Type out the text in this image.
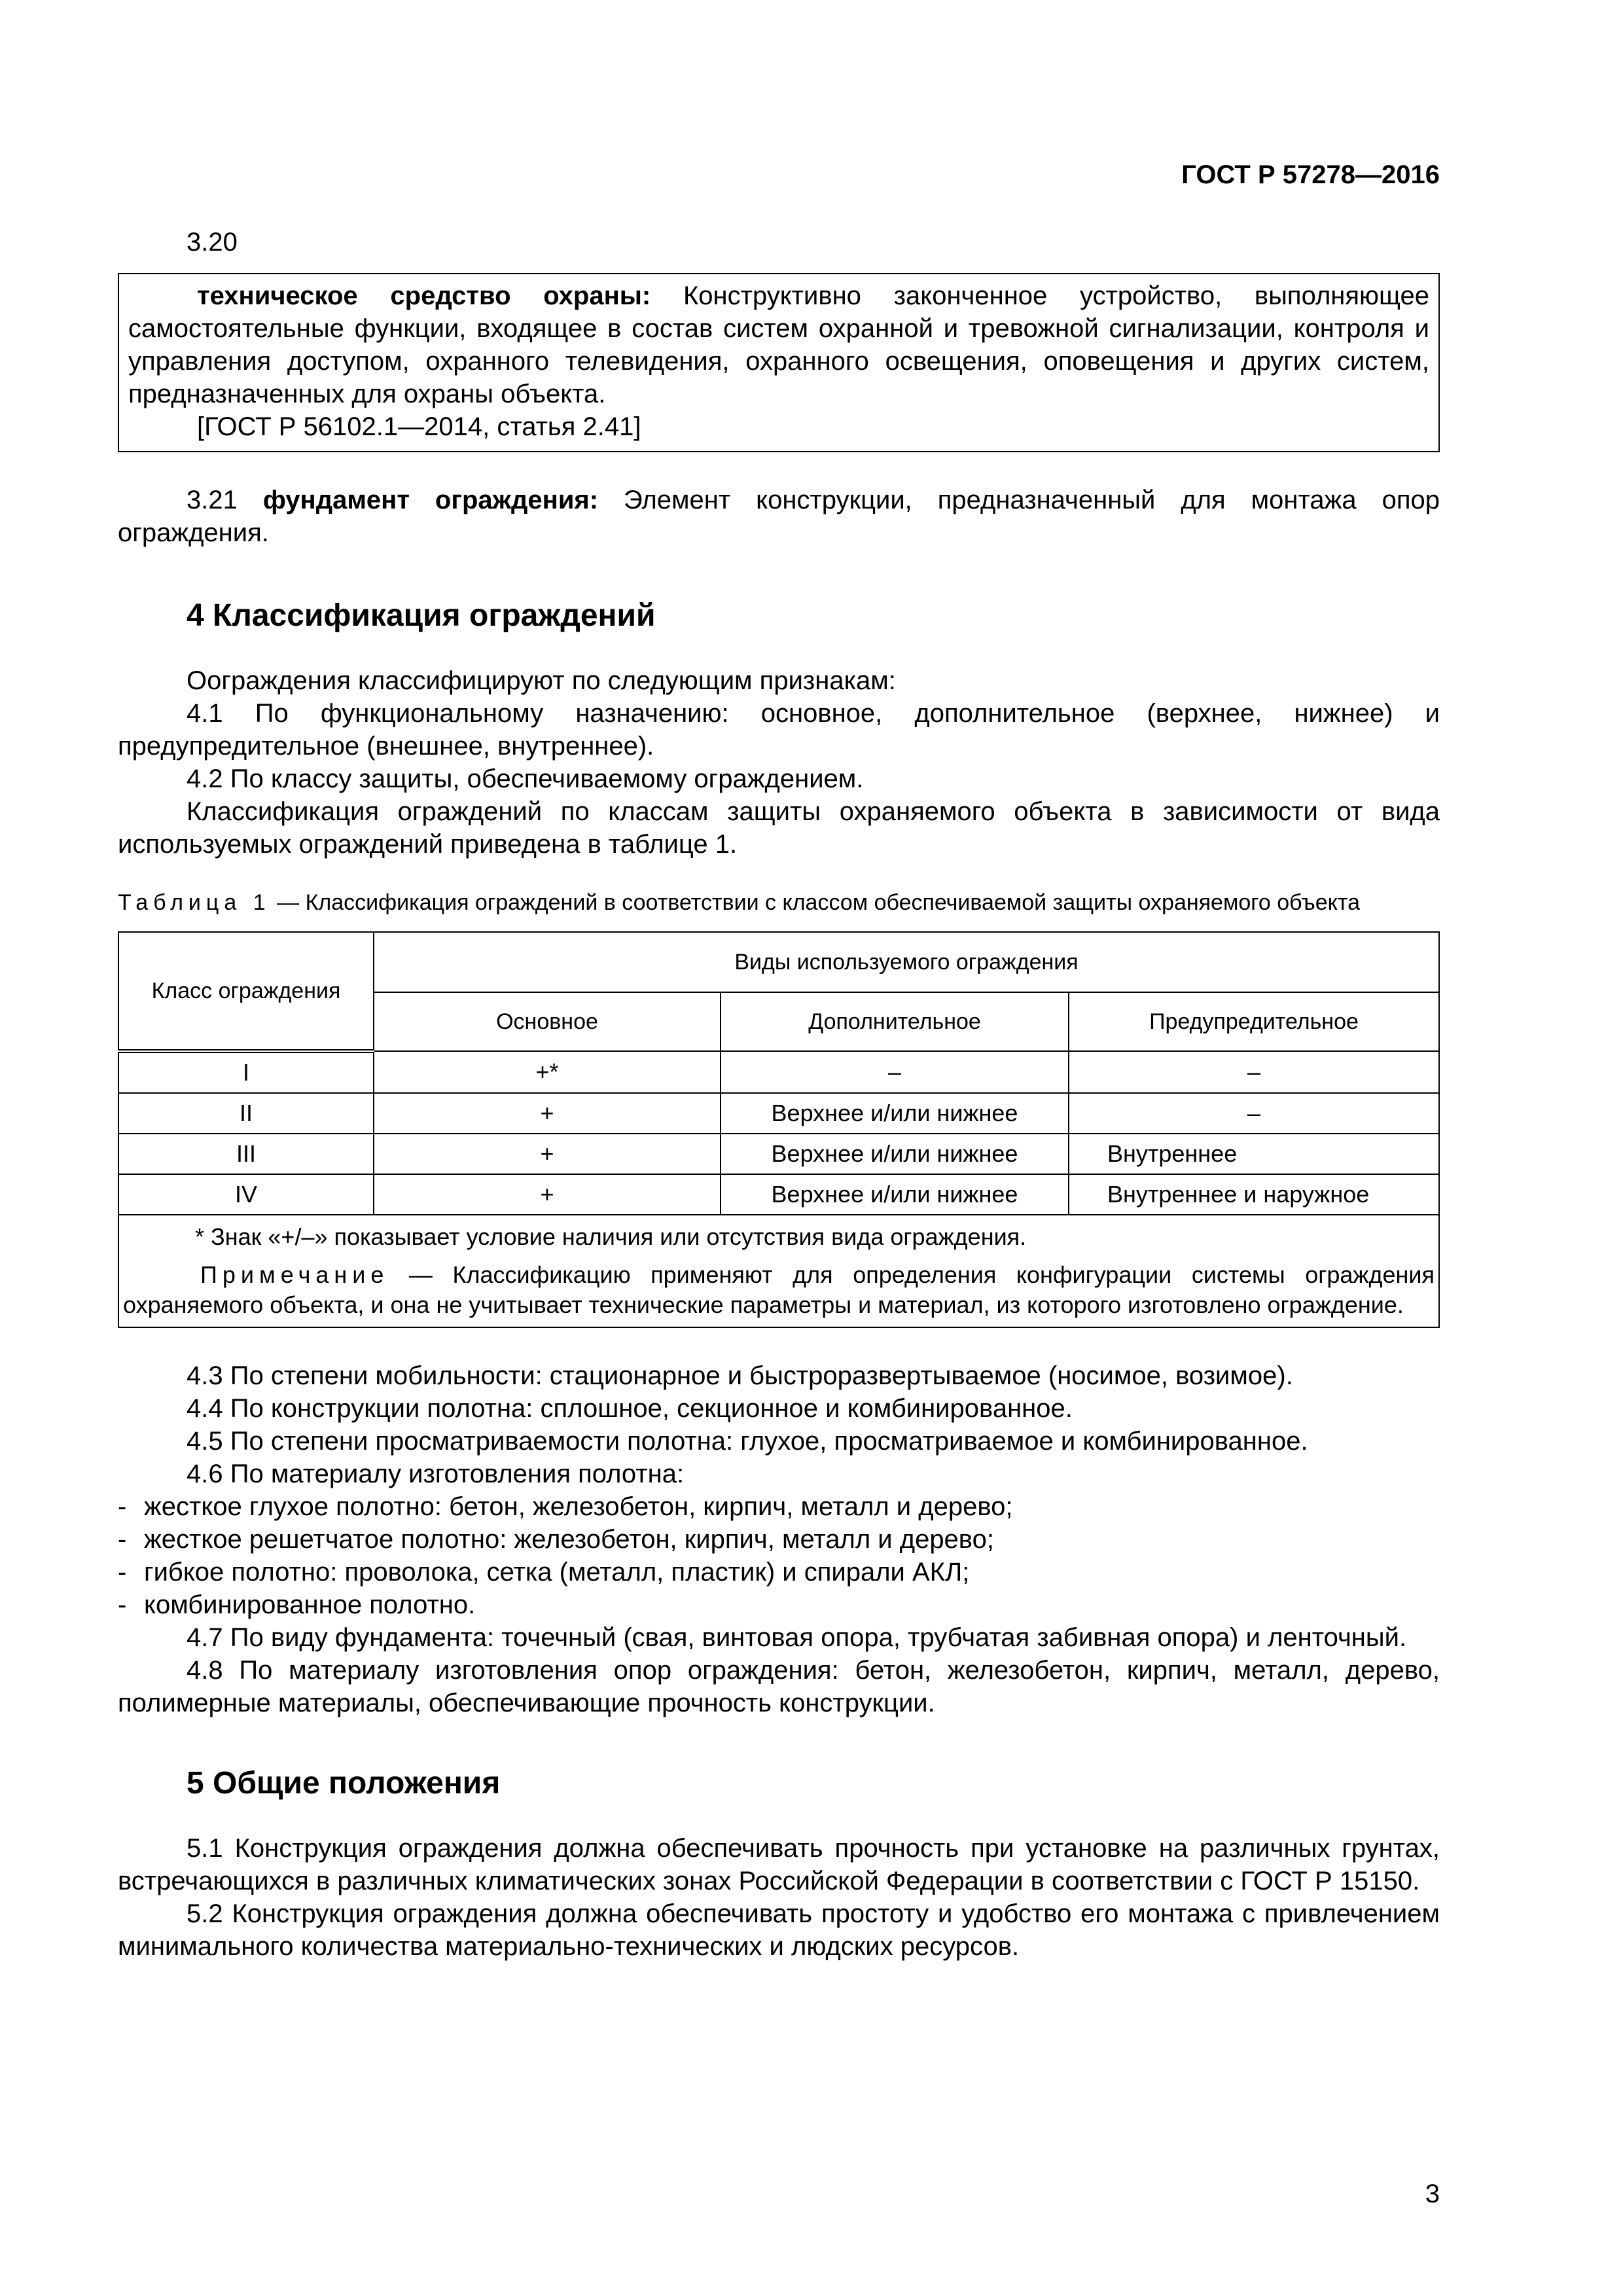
ГОСТ Р 57278—2016

3.20

техническое средство охраны: Конструктивно законченное устройство, выполняющее самостоятельные функции, входящее в состав систем охранной и тревожной сигнализации, контроля и управления доступом, охранного телевидения, охранного освещения, оповещения и других систем, предназначенных для охраны объекта.

[ГОСТ Р 56102.1—2014, статья 2.41]

3.21 фундамент ограждения: Элемент конструкции, предназначенный для монтажа опор ограждения.

4 Классификация ограждений

Оограждения классифицируют по следующим признакам:

4.1 По функциональному назначению: основное, дополнительное (верхнее, нижнее) и предупредительное (внешнее, внутреннее).

4.2 По классу защиты, обеспечиваемому ограждением.

Классификация ограждений по классам защиты охраняемого объекта в зависимости от вида используемых ограждений приведена в таблице 1.

Таблица 1 — Классификация ограждений в соответствии с классом обеспечиваемой защиты охраняемого объекта

Класс ограждения	Виды используемого ограждения		
	Основное	Дополнительное	Предупредительное
I	+*	–	–
II	+	Верхнее и/или нижнее	–
III	+	Верхнее и/или нижнее	Внутреннее
IV	+	Верхнее и/или нижнее	Внутреннее и наружное

* Знак «+/–» показывает условие наличия или отсутствия вида ограждения.

Примечание — Классификацию применяют для определения конфигурации системы ограждения охраняемого объекта, и она не учитывает технические параметры и материал, из которого изготовлено ограждение.			

4.3 По степени мобильности: стационарное и быстроразвертываемое (носимое, возимое).

4.4 По конструкции полотна: сплошное, секционное и комбинированное.

4.5 По степени просматриваемости полотна: глухое, просматриваемое и комбинированное.

4.6 По материалу изготовления полотна:

- жесткое глухое полотно: бетон, железобетон, кирпич, металл и дерево;

- жесткое решетчатое полотно: железобетон, кирпич, металл и дерево;

- гибкое полотно: проволока, сетка (металл, пластик) и спирали АКЛ;

- комбинированное полотно.

4.7 По виду фундамента: точечный (свая, винтовая опора, трубчатая забивная опора) и ленточный.

4.8 По материалу изготовления опор ограждения: бетон, железобетон, кирпич, металл, дерево, полимерные материалы, обеспечивающие прочность конструкции.

5 Общие положения

5.1 Конструкция ограждения должна обеспечивать прочность при установке на различных грунтах, встречающихся в различных климатических зонах Российской Федерации в соответствии с ГОСТ Р 15150.

5.2 Конструкция ограждения должна обеспечивать простоту и удобство его монтажа с привлечением минимального количества материально-технических и людских ресурсов.

3
